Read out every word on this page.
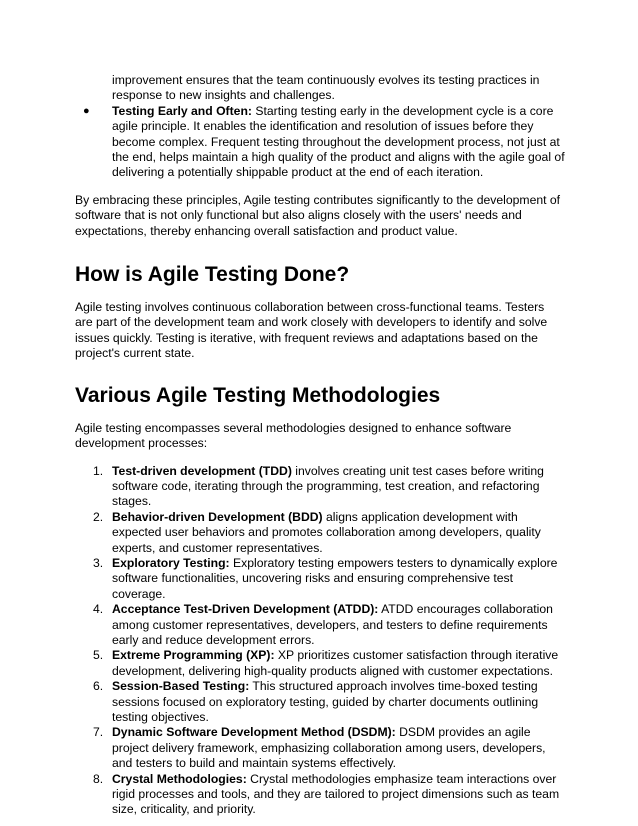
improvement ensures that the team continuously evolves its testing practices in response to new insights and challenges.

● Testing Early and Often: Starting testing early in the development cycle is a core agile principle. It enables the identification and resolution of issues before they become complex. Frequent testing throughout the development process, not just at the end, helps maintain a high quality of the product and aligns with the agile goal of delivering a potentially shippable product at the end of each iteration.

By embracing these principles, Agile testing contributes significantly to the development of software that is not only functional but also aligns closely with the users' needs and expectations, thereby enhancing overall satisfaction and product value.

How is Agile Testing Done?

Agile testing involves continuous collaboration between cross-functional teams. Testers are part of the development team and work closely with developers to identify and solve issues quickly. Testing is iterative, with frequent reviews and adaptations based on the project's current state.

Various Agile Testing Methodologies

Agile testing encompasses several methodologies designed to enhance software development processes:

1. Test-driven development (TDD) involves creating unit test cases before writing software code, iterating through the programming, test creation, and refactoring stages.
2. Behavior-driven Development (BDD) aligns application development with expected user behaviors and promotes collaboration among developers, quality experts, and customer representatives.
3. Exploratory Testing: Exploratory testing empowers testers to dynamically explore software functionalities, uncovering risks and ensuring comprehensive test coverage.
4. Acceptance Test-Driven Development (ATDD): ATDD encourages collaboration among customer representatives, developers, and testers to define requirements early and reduce development errors.
5. Extreme Programming (XP): XP prioritizes customer satisfaction through iterative development, delivering high-quality products aligned with customer expectations.
6. Session-Based Testing: This structured approach involves time-boxed testing sessions focused on exploratory testing, guided by charter documents outlining testing objectives.
7. Dynamic Software Development Method (DSDM): DSDM provides an agile project delivery framework, emphasizing collaboration among users, developers, and testers to build and maintain systems effectively.
8. Crystal Methodologies: Crystal methodologies emphasize team interactions over rigid processes and tools, and they are tailored to project dimensions such as team size, criticality, and priority.
